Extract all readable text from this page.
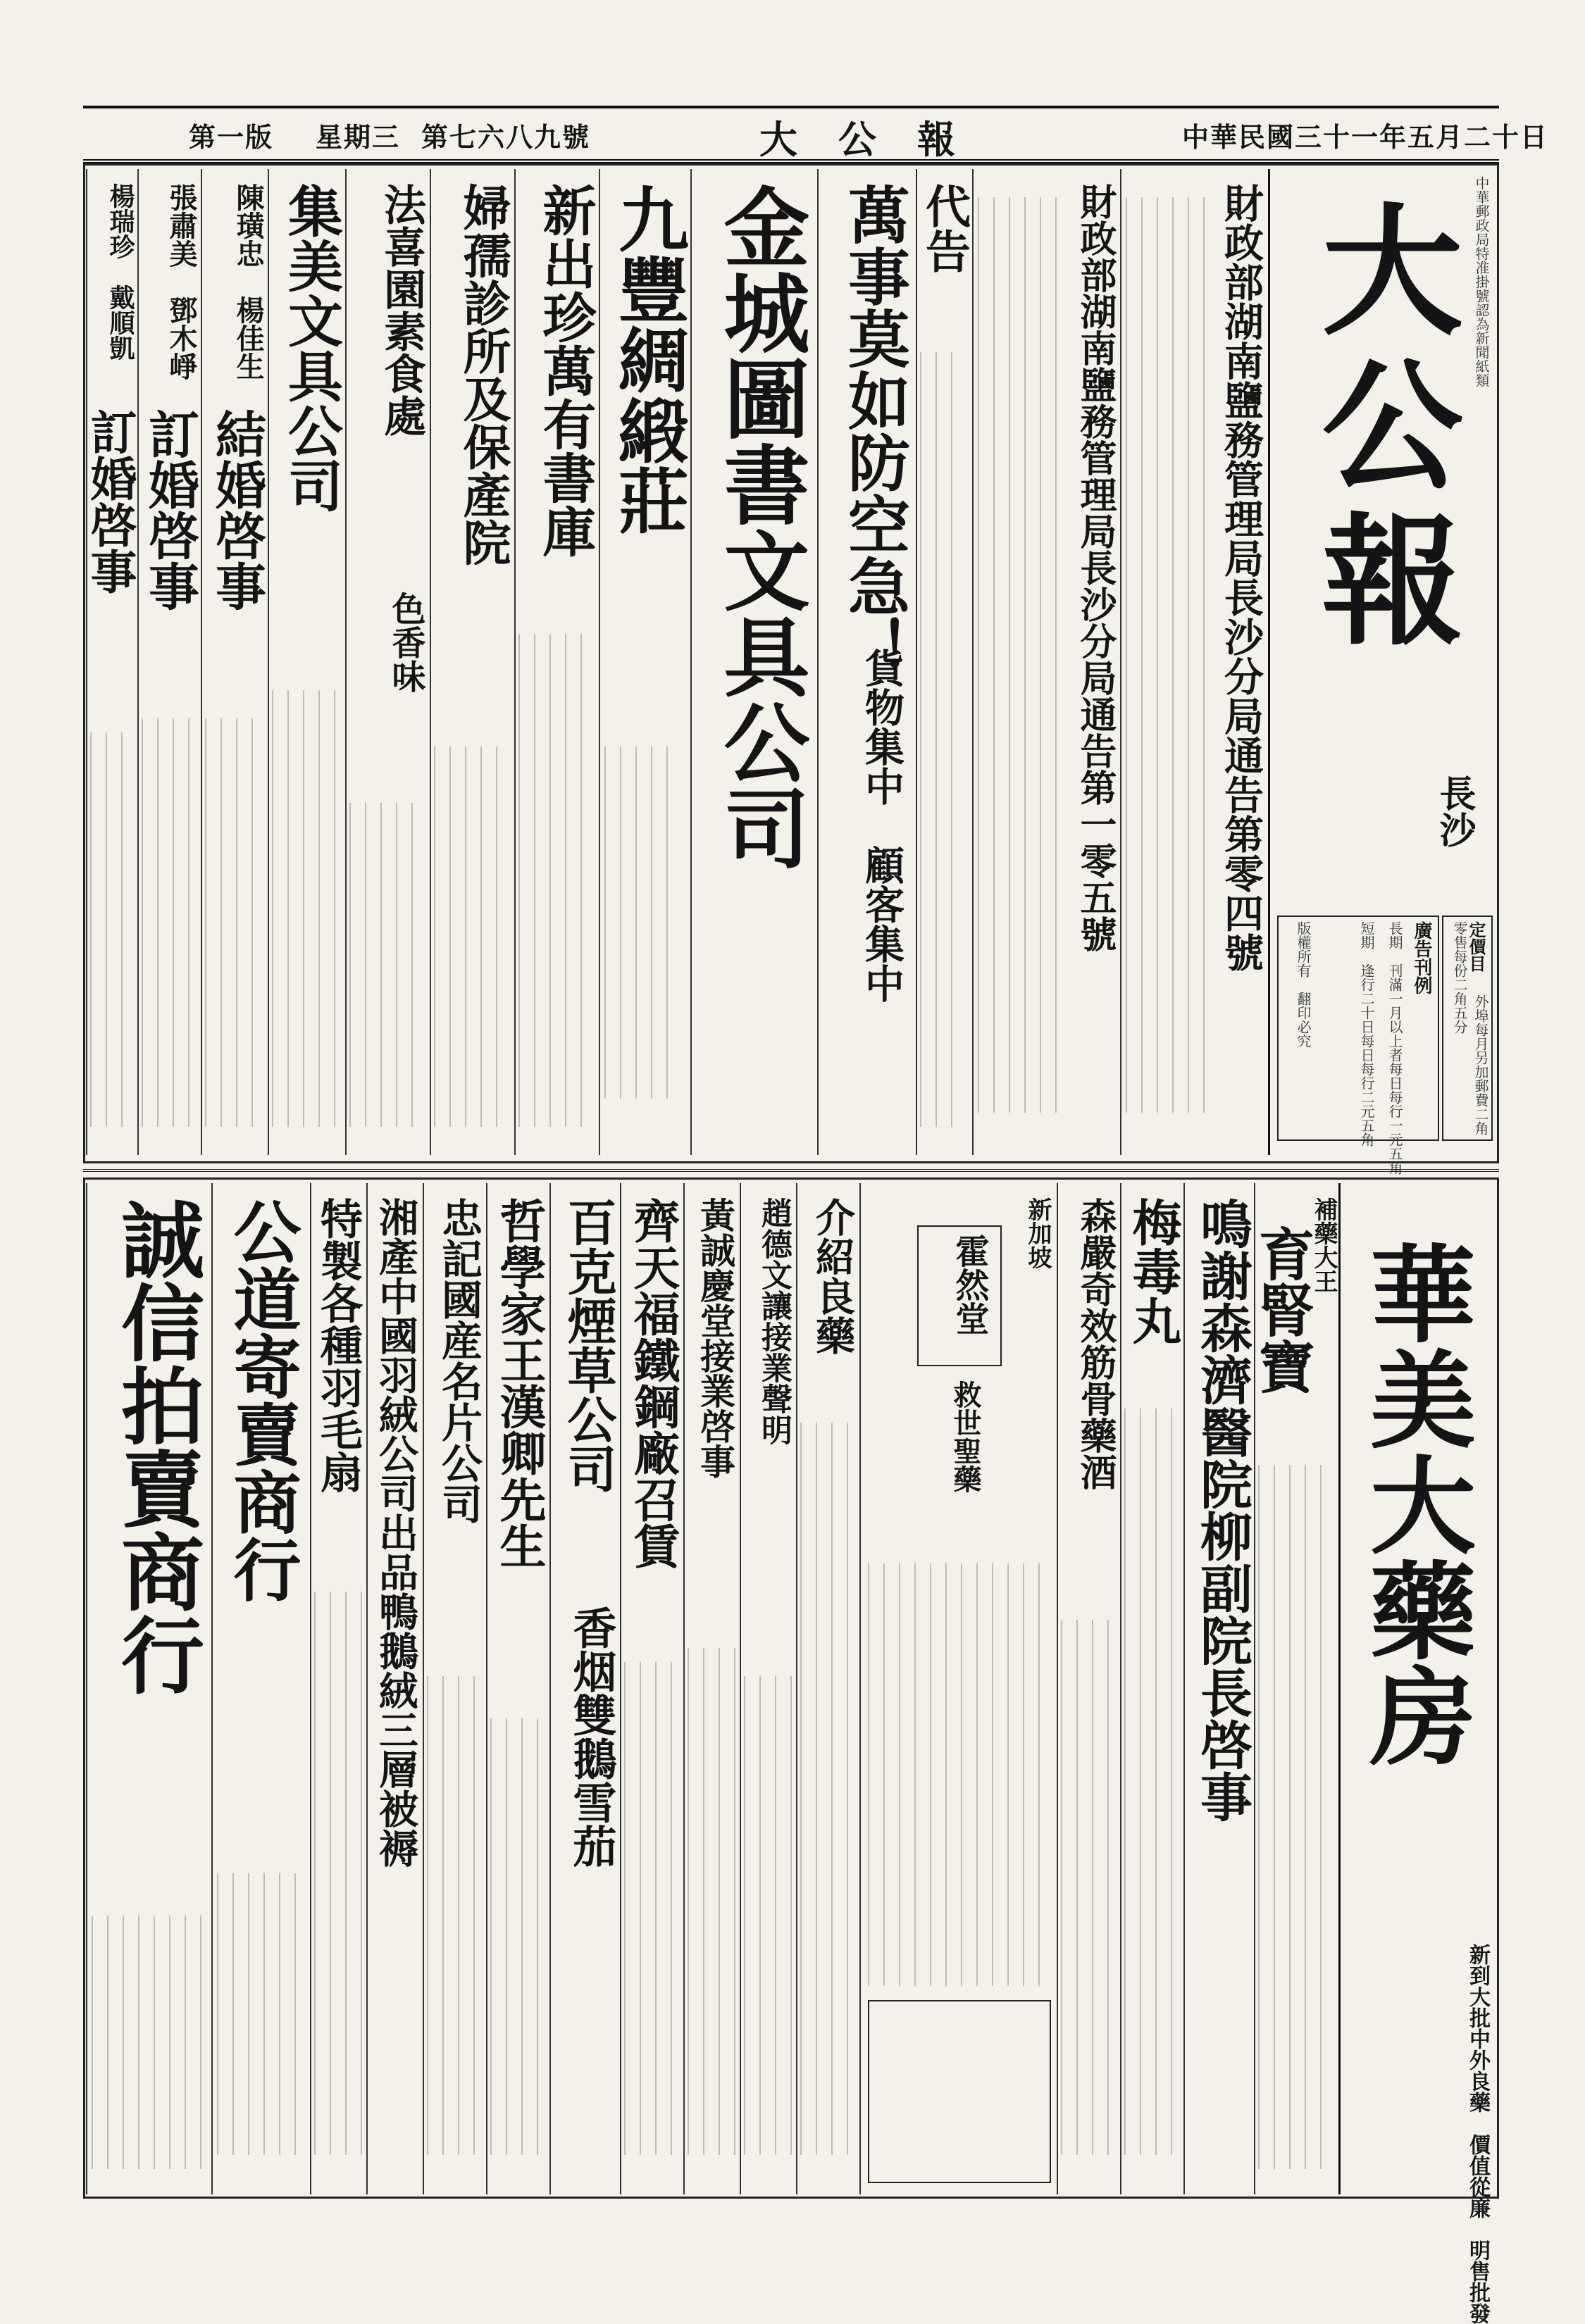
中華民國三十一年五月二十日
大　公　報
第七六八九號
星期三
第一版
中華郵政局特准掛號認為新聞紙類
大公報
長沙
廣告刊例
長期　刊滿一月以上者每日每行一元五角
短期　逢行二十日每日每行二元五角
版權所有　翻印必究	定價目
零售每份二角五分
外埠每月另加郵費二角
財政部湖南鹽務管理局長沙分局通告第零四號
財政部湖南鹽務管理局長沙分局通告第一零五號
代告
萬事莫如防空急！
貨物集中　顧客集中
金城圖書文具公司
九豐綢緞莊
新出珍萬有書庫
婦孺診所及保產院
法喜園素食處
色香味
集美文具公司
陳璜忠　楊佳生
結婚啓事
張肅美　鄧木崢
訂婚啓事
楊瑞珍　戴順凱
訂婚啓事
華美大藥房
新到大批中外良藥　價值從廉　明售批發
補藥大王
育腎寶
鳴謝森濟醫院柳副院長啓事
梅毒丸
森嚴奇效筋骨藥酒
新加坡
霍然堂
救世聖藥
介紹良藥
趙德文讓接業聲明
黃誠慶堂接業啓事
齊天福鐵鋼廠召賃
百克煙草公司
香烟雙鵝雪茄
哲學家王漢卿先生
忠記國産名片公司
湘產中國羽絨公司出品鴨鵝絨三層被褥
特製各種羽毛扇
公道寄賣商行
誠信拍賣商行
